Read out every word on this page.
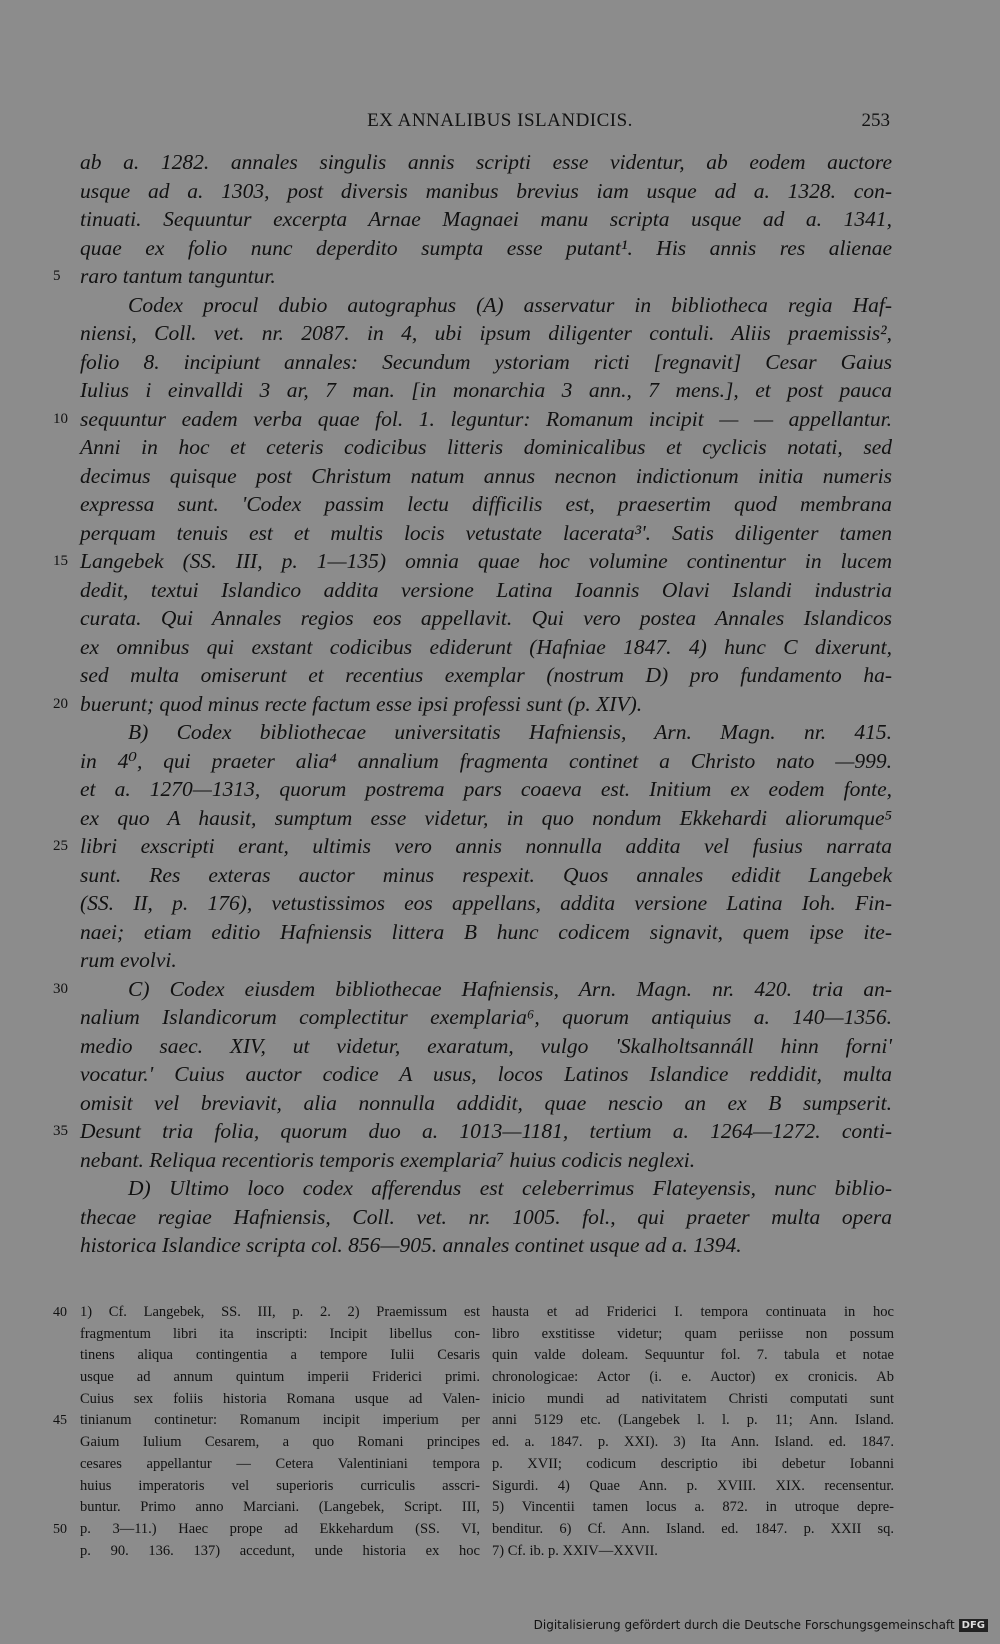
EX ANNALIBUS ISLANDICIS.	253
ab a. 1282. annales singulis annis scripti esse videntur, ab eodem auctore
usque ad a. 1303, post diversis manibus brevius iam usque ad a. 1328. con-
tinuati. Sequuntur excerpta Arnae Magnaei manu scripta usque ad a. 1341,
quae ex folio nunc deperdito sumpta esse putant¹. His annis res alienae
5 raro tantum tanguntur.
Codex procul dubio autographus (A) asservatur in bibliotheca regia Haf-
niensi, Coll. vet. nr. 2087. in 4, ubi ipsum diligenter contuli. Aliis praemissis²,
folio 8. incipiunt annales: Secundum ystoriam ricti [regnavit] Cesar Gaius
Iulius i einvalldi 3 ar, 7 man. [in monarchia 3 ann., 7 mens.], et post pauca
10 sequuntur eadem verba quae fol. 1. leguntur: Romanum incipit — — appellantur.
Anni in hoc et ceteris codicibus litteris dominicalibus et cyclicis notati, sed
decimus quisque post Christum natum annus necnon indictionum initia numeris
expressa sunt. 'Codex passim lectu difficilis est, praesertim quod membrana
perquam tenuis est et multis locis vetustate lacerata³'. Satis diligenter tamen
15 Langebek (SS. III, p. 1—135) omnia quae hoc volumine continentur in lucem
dedit, textui Islandico addita versione Latina Ioannis Olavi Islandi industria
curata. Qui Annales regios eos appellavit. Qui vero postea Annales Islandicos
ex omnibus qui exstant codicibus ediderunt (Hafniae 1847. 4) hunc C dixerunt,
sed multa omiserunt et recentius exemplar (nostrum D) pro fundamento ha-
20 buerunt; quod minus recte factum esse ipsi professi sunt (p. XIV).
B) Codex bibliothecae universitatis Hafniensis, Arn. Magn. nr. 415.
in 4⁰, qui praeter alia⁴ annalium fragmenta continet a Christo nato —999.
et a. 1270—1313, quorum postrema pars coaeva est. Initium ex eodem fonte,
ex quo A hausit, sumptum esse videtur, in quo nondum Ekkehardi aliorumque⁵
25 libri exscripti erant, ultimis vero annis nonnulla addita vel fusius narrata
sunt. Res exteras auctor minus respexit. Quos annales edidit Langebek
(SS. II, p. 176), vetustissimos eos appellans, addita versione Latina Ioh. Fin-
naei; etiam editio Hafniensis littera B hunc codicem signavit, quem ipse ite-
rum evolvi.
30	C) Codex eiusdem bibliothecae Hafniensis, Arn. Magn. nr. 420. tria an-
nalium Islandicorum complectitur exemplaria⁶, quorum antiquius a. 140—1356.
medio saec. XIV, ut videtur, exaratum, vulgo 'Skalholtsannáll hinn forni'
vocatur.' Cuius auctor codice A usus, locos Latinos Islandice reddidit, multa
omisit vel breviavit, alia nonnulla addidit, quae nescio an ex B sumpserit.
35 Desunt tria folia, quorum duo a. 1013—1181, tertium a. 1264—1272. conti-
nebant. Reliqua recentioris temporis exemplaria⁷ huius codicis neglexi.
D) Ultimo loco codex afferendus est celeberrimus Flateyensis, nunc biblio-
thecae regiae Hafniensis, Coll. vet. nr. 1005. fol., qui praeter multa opera
historica Islandice scripta col. 856—905. annales continet usque ad a. 1394.
40 1) Cf. Langebek, SS. III, p. 2. 2) Praemissum est
fragmentum libri ita inscripti: Incipit libellus con-
tinens aliqua contingentia a tempore Iulii Cesaris
usque ad annum quintum imperii Friderici primi.
Cuius sex foliis historia Romana usque ad Valen-
45 tinianum continetur: Romanum incipit imperium per
Gaium Iulium Cesarem, a quo Romani principes
cesares appellantur — Cetera Valentiniani tempora
huius imperatoris vel superioris curriculis asscri-
buntur. Primo anno Marciani. (Langebek, Script. III,
50 p. 3—11.) Haec prope ad Ekkehardum (SS. VI,
p. 90. 136. 137) accedunt, unde historia ex hoc
hausta et ad Friderici I. tempora continuata in hoc
libro exstitisse videtur; quam periisse non possum
quin valde doleam. Sequuntur fol. 7. tabula et notae
chronologicae: Actor (i. e. Auctor) ex cronicis. Ab
inicio mundi ad nativitatem Christi computati sunt
anni 5129 etc. (Langebek l. l. p. 11; Ann. Island.
ed. a. 1847. p. XXI). 3) Ita Ann. Island. ed. 1847.
p. XVII; codicum descriptio ibi debetur Iobanni
Sigurdi. 4) Quae Ann. p. XVIII. XIX. recensentur.
5) Vincentii tamen locus a. 872. in utroque depre-
benditur. 6) Cf. Ann. Island. ed. 1847. p. XXII sq.
7) Cf. ib. p. XXIV—XXVII.
Digitalisierung gefördert durch die Deutsche Forschungsgemeinschaft DFG
